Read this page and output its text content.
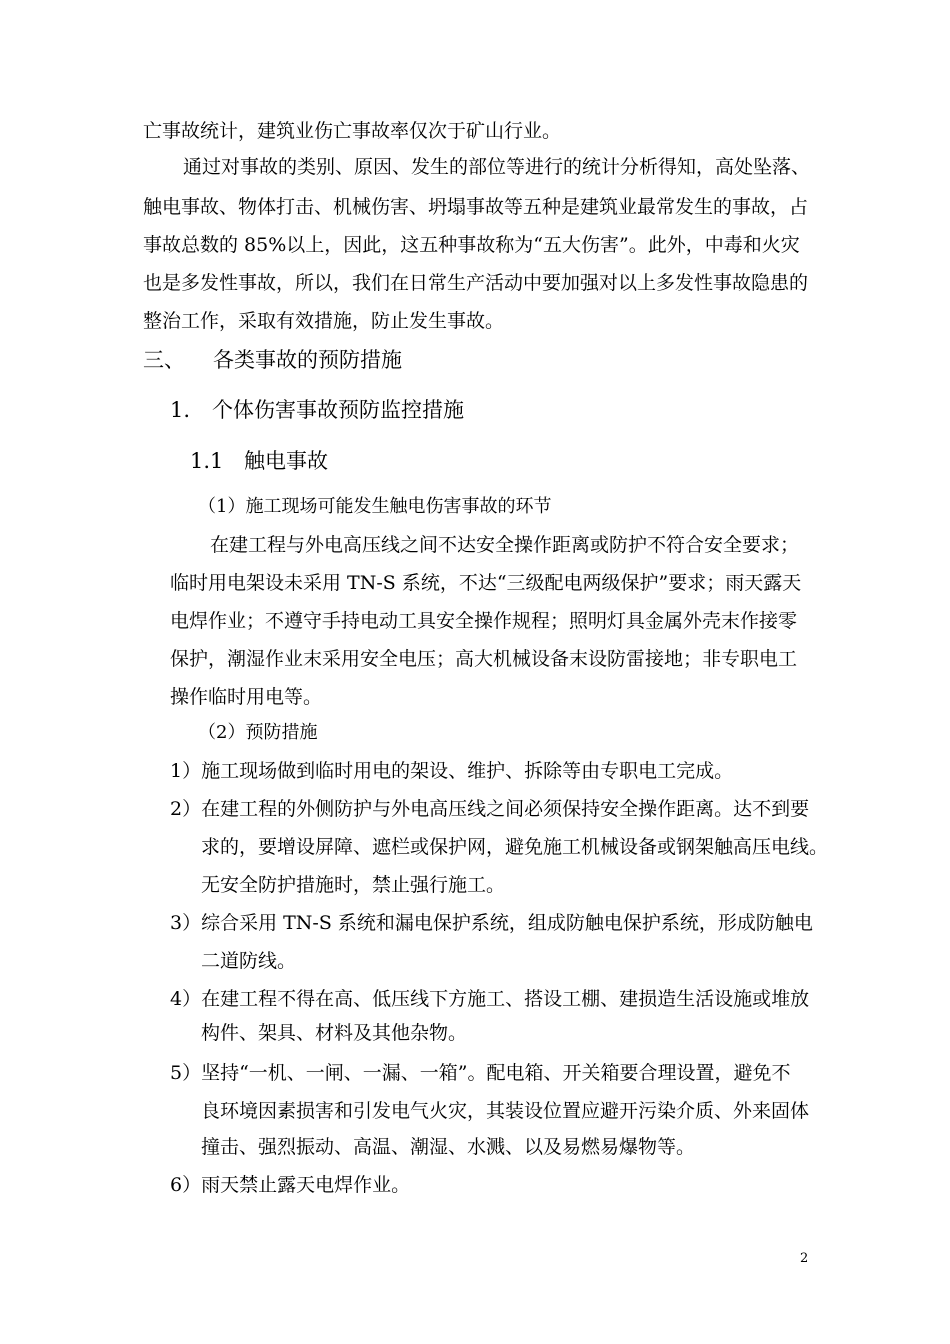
亡事故统计，建筑业伤亡事故率仅次于矿山行业。
通过对事故的类别、原因、发生的部位等进行的统计分析得知，高处坠落、
触电事故、物体打击、机械伤害、坍塌事故等五种是建筑业最常发生的事故，占
事故总数的 85%以上，因此，这五种事故称为“五大伤害”。此外，中毒和火灾
也是多发性事故，所以，我们在日常生产活动中要加强对以上多发性事故隐患的
整治工作，采取有效措施，防止发生事故。
三、 各类事故的预防措施
1. 个体伤害事故预防监控措施
1.1 触电事故
（1）施工现场可能发生触电伤害事故的环节
在建工程与外电高压线之间不达安全操作距离或防护不符合安全要求；
临时用电架设未采用 TN-S 系统，不达“三级配电两级保护”要求；雨天露天
电焊作业；不遵守手持电动工具安全操作规程；照明灯具金属外壳末作接零
保护，潮湿作业末采用安全电压；高大机械设备末设防雷接地；非专职电工
操作临时用电等。
（2）预防措施
1）施工现场做到临时用电的架设、维护、拆除等由专职电工完成。
2）在建工程的外侧防护与外电高压线之间必须保持安全操作距离。达不到要
求的，要增设屏障、遮栏或保护网，避免施工机械设备或钢架触高压电线。
无安全防护措施时，禁止强行施工。
3）综合采用 TN-S 系统和漏电保护系统，组成防触电保护系统，形成防触电
二道防线。
4）在建工程不得在高、低压线下方施工、搭设工棚、建损造生活设施或堆放
构件、架具、材料及其他杂物。
5）坚持“一机、一闸、一漏、一箱”。配电箱、开关箱要合理设置，避免不
良环境因素损害和引发电气火灾，其装设位置应避开污染介质、外来固体
撞击、强烈振动、高温、潮湿、水溅、以及易燃易爆物等。
6）雨天禁止露天电焊作业。
2
